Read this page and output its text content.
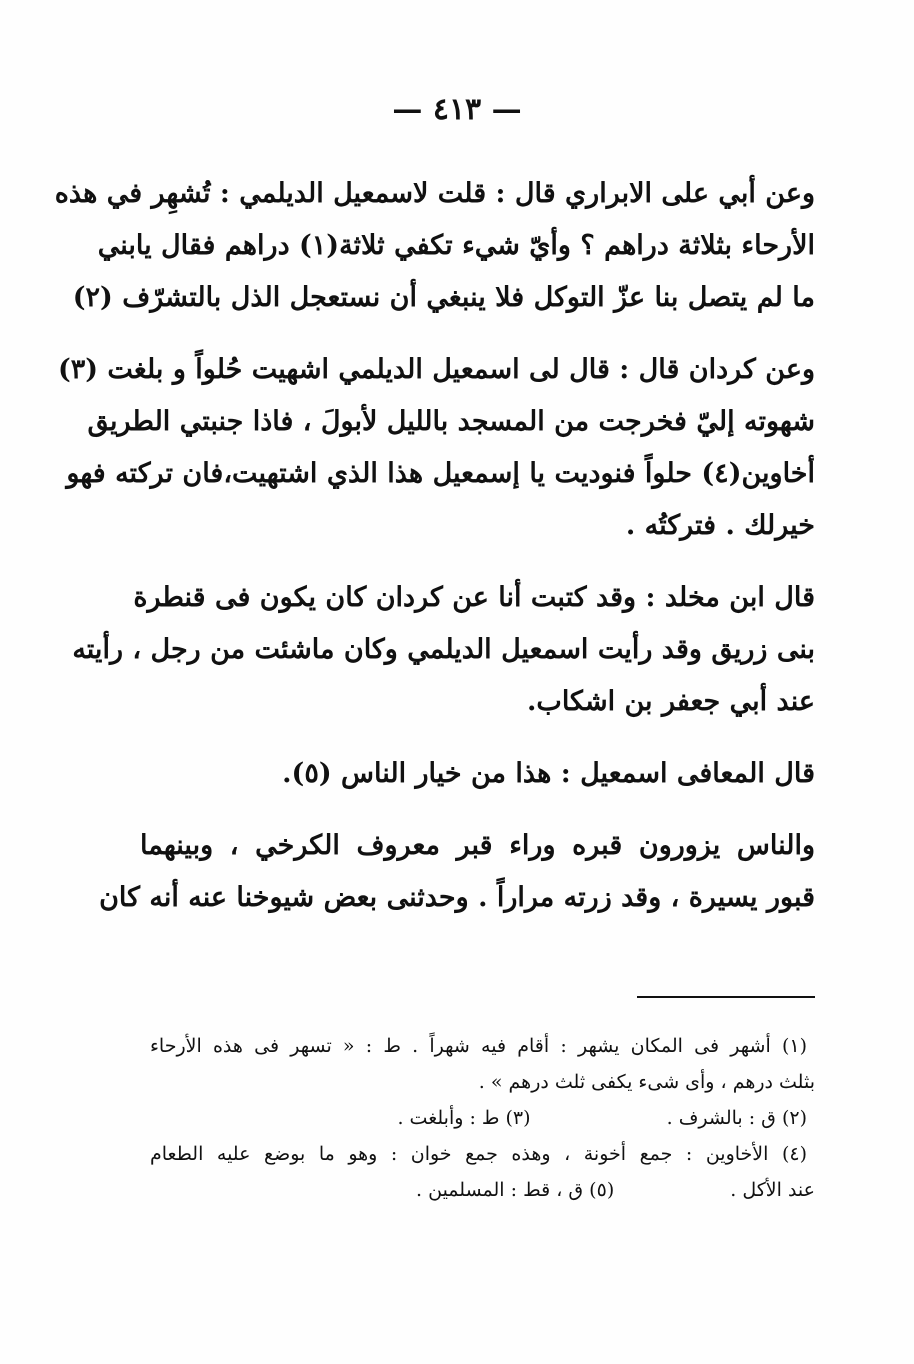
— ٤١٣ —
وعن أبي على الابراري قال : قلت لاسمعيل الديلمي : تُشهِر في هذه
الأرحاء بثلاثة دراهم ؟ وأيّ شيء تكفي ثلاثة(١) دراهم فقال يابني
ما لم يتصل بنا عزّ التوكل فلا ينبغي أن نستعجل الذل بالتشرّف (٢)
وعن كردان قال : قال لى اسمعيل الديلمي اشهيت حُلواً و بلغت (٣)
شهوته إليّ فخرجت من المسجد بالليل لأبولَ ، فاذا جنبتي الطريق
أخاوين(٤) حلواً فنوديت يا إسمعيل هذا الذي اشتهيت،فان تركته فهو
خيرلك . فتركتُه .
قال ابن مخلد : وقد كتبت أنا عن كردان كان يكون فى قنطرة
بنى زريق وقد رأيت اسمعيل الديلمي وكان ماشئت من رجل ، رأيته
عند أبي جعفر بن اشكاب.
قال المعافى اسمعيل : هذا من خيار الناس (٥).
والناس يزورون قبره وراء قبر معروف الكرخي ، وبينهما
قبور يسيرة ، وقد زرته مراراً . وحدثنى بعض شيوخنا عنه أنه كان
(١) أشهر فى المكان يشهر : أقام فيه شهراً . ط : « تسهر فى هذه الأرحاء
بثلث درهم ، وأى شىء يكفى ثلث درهم » .
(٢) ق : بالشرف . (٣) ط : وأبلغت .
(٤) الأخاوين : جمع أخونة ، وهذه جمع خوان : وهو ما بوضع عليه الطعام
عند الأكل . (٥) ق ، قط : المسلمين .
